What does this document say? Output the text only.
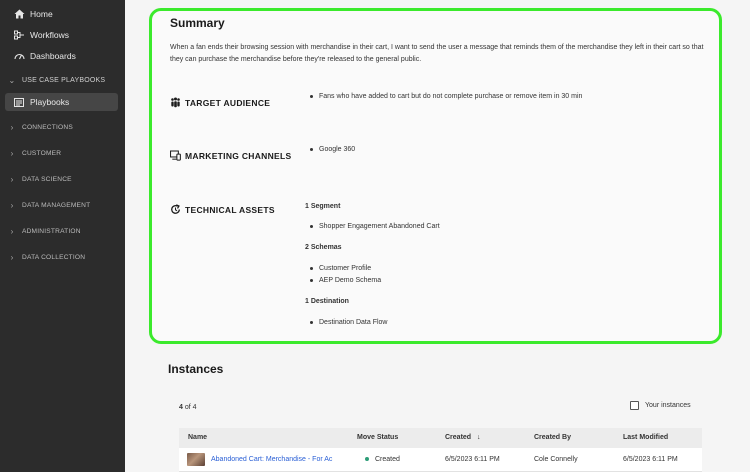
Home
Workflows
Dashboards
⌄ USE CASE PLAYBOOKS
Playbooks
›	CONNECTIONS
›	CUSTOMER
›	DATA SCIENCE
›	DATA MANAGEMENT
›	ADMINISTRATION
›	DATA COLLECTION
Summary

When a fan ends their browsing session with merchandise in their cart, I want to send the user a message that reminds them of the merchandise they left in their cart so that they can purchase the merchandise before they're released to the general public.

TARGET AUDIENCE
Fans who have added to cart but do not complete purchase or remove item in 30 min
MARKETING CHANNELS
Google 360
TECHNICAL ASSETS	1 Segment
Shopper Engagement Abandoned Cart
2 Schemas
Customer Profile
AEP Demo Schema
1 Destination
Destination Data Flow
Instances
4 of 4	Your instances
Name	Move Status	Created ↓	Created By	Last Modified
Abandoned Cart: Merchandise - For Ac	Created	6/5/2023 6:11 PM	Cole Connelly	6/5/2023 6:11 PM
